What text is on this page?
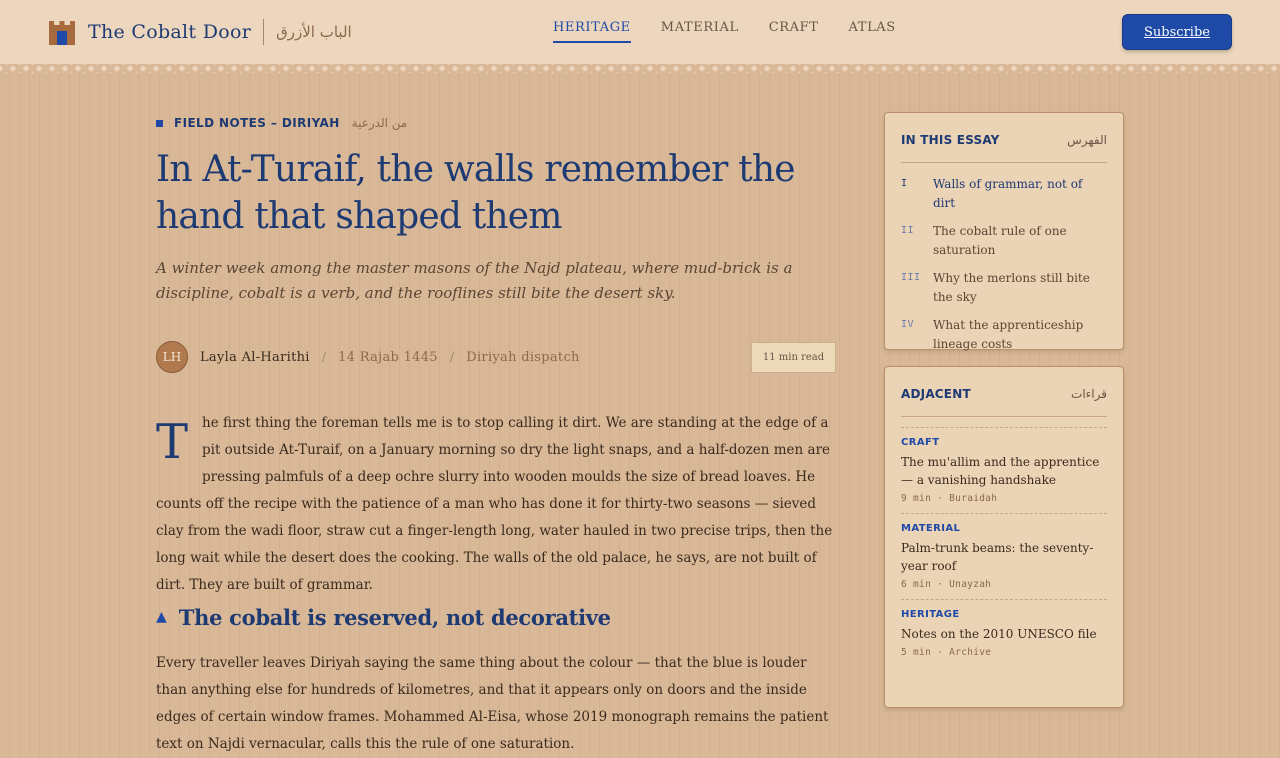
The Cobalt Door الباب الأزرق	HERITAGE MATERIAL CRAFT ATLAS	Subscribe
FIELD NOTES – DIRIYAH من الدرعية
In At-Turaif, the walls remember the hand that shaped them

A winter week among the master masons of the Najd plateau, where mud-brick is a discipline, cobalt is a verb, and the rooflines still bite the desert sky.

LH	Layla Al-Harithi / 14 Rajab 1445 / Diriyah dispatch	11 min read
T he first thing the foreman tells me is to stop calling it dirt. We are standing at the edge of a pit outside At-Turaif, on a January morning so dry the light snaps, and a half-dozen men are pressing palmfuls of a deep ochre slurry into wooden moulds the size of bread loaves. He counts off the recipe with the patience of a man who has done it for thirty-two seasons — sieved clay from the wadi floor, straw cut a finger-length long, water hauled in two precise trips, then the long wait while the desert does the cooking. The walls of the old palace, he says, are not built of dirt. They are built of grammar.
▲ The cobalt is reserved, not decorative

Every traveller leaves Diriyah saying the same thing about the colour — that the blue is louder than anything else for hundreds of kilometres, and that it appears only on doors and the inside edges of certain window frames. Mohammed Al-Eisa, whose 2019 monograph remains the patient text on Najdi vernacular, calls this the rule of one saturation.

IN THIS ESSAY	الفهرس
I	Walls of grammar, not of dirt
II	The cobalt rule of one saturation
III	Why the merlons still bite the sky
IV	What the apprenticeship lineage costs
ADJACENT	قراءات
CRAFT
The mu'allim and the apprentice — a vanishing handshake
9 min · Buraidah
MATERIAL
Palm-trunk beams: the seventy-year roof
6 min · Unayzah
HERITAGE
Notes on the 2010 UNESCO file
5 min · Archive
